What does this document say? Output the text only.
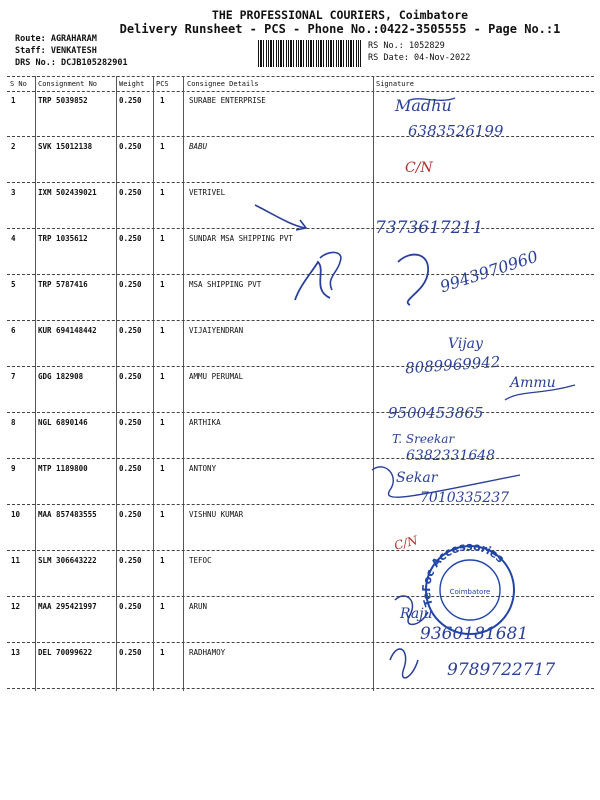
THE PROFESSIONAL COURIERS, Coimbatore
Delivery Runsheet - PCS - Phone No.:0422-3505555 - Page No.:1
Route: AGRAHARAM
Staff: VENKATESH
DRS No.: DCJB105282901
RS No.: 1052829
RS Date: 04-Nov-2022
S No Consignment No	Weight PCS	Consignee Details	Signature
1	TRP 5039852	0.250 1	SURABE ENTERPRISE	Madhu
6383526199
2	SVK 15012138	0.250 1	BABU
C/N
3	IXM 502439021	0.250 1	VETRIVEL
7373617211
4	TRP 1035612	0.250 1	SUNDAR MSA SHIPPING PVT
9943970960
5	TRP 5787416	0.250 1	MSA SHIPPING PVT
6	KUR 694148442	0.250 1	VIJAIYENDRAN
Vijay
8089969942
7	GDG 182908	0.250 1	AMMU PERUMAL	Ammu
9500453865
8	NGL 6890146	0.250 1	ARTHIKA
T. Sreekar
6382331648
9	MTP 1189800	0.250 1	ANTONY
Sekar
7010335237
10 MAA 857483555	0.250 1	VISHNU KUMAR
11 SLM 306643222	0.250 1	TEFOC
C/N
12 MAA 295421997	0.250 1	ARUN	Raju
9360181681
13 DEL 70099622	0.250 1	RADHAMOY
9789722717
TeFoc Accessories
Coimbatore
